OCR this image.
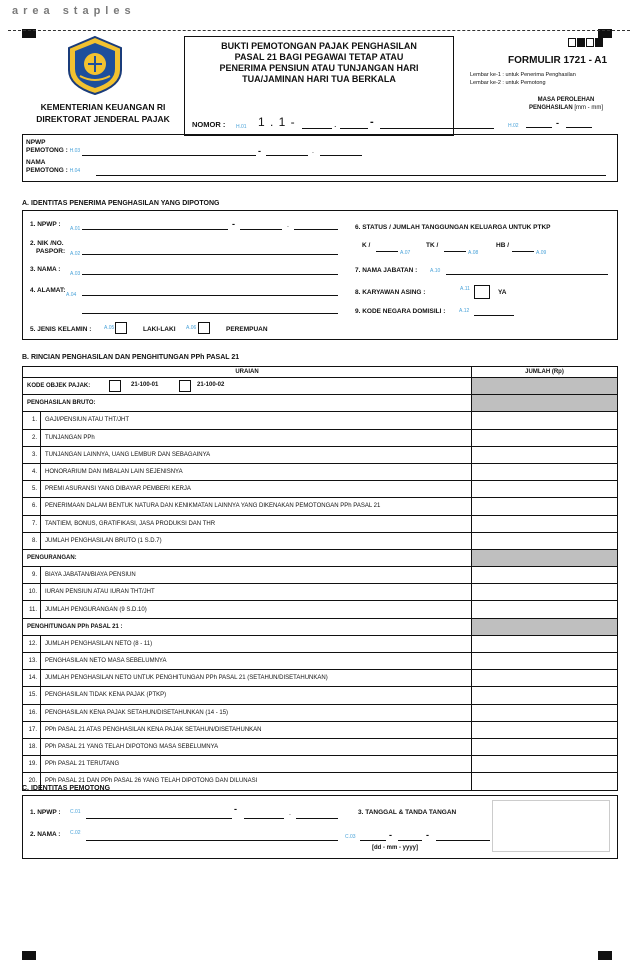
area staples
KEMENTERIAN KEUANGAN RI
DIREKTORAT JENDERAL PAJAK
BUKTI PEMOTONGAN PAJAK PENGHASILAN
PASAL 21 BAGI PEGAWAI TETAP ATAU
PENERIMA PENSIUN ATAU TUNJANGAN HARI
TUA/JAMINAN HARI TUA BERKALA
NOMOR : H.01 1 . 1 -	.	-
FORMULIR 1721 - A1
Lembar ke-1 : untuk Penerima Penghasilan
Lembar ke-2 : untuk Pemotong
MASA PEROLEHAN
PENGHASILAN [mm - mm]
H.02	-
NPWP
PEMOTONG : H.03	-	.
NAMA
PEMOTONG : H.04
A. IDENTITAS PENERIMA PENGHASILAN YANG DIPOTONG
1. NPWP :
A.01	-	.
2. NIK /NO.
PASPOR: A.02
3. NAMA :
A.03
4. ALAMAT:
A.04
5. JENIS KELAMIN :	A.05	LAKI-LAKI A.06	PEREMPUAN
6. STATUS / JUMLAH TANGGUNGAN KELUARGA UNTUK PTKP
K /
A.07
TK /
A.08
HB /
A.09
7. NAMA JABATAN :	A.10
8. KARYAWAN ASING :	A.11	YA
9. KODE NEGARA DOMISILI :	A.12
B. RINCIAN PENGHASILAN DAN PENGHITUNGAN PPh PASAL 21
URAIAN		JUMLAH (Rp)
KODE OBJEK PAJAK: 21-100-01 21-100-02		

PENGHASILAN BRUTO:		
1.	GAJI/PENSIUN ATAU THT/JHT	
2.	TUNJANGAN PPh	
3.	TUNJANGAN LAINNYA, UANG LEMBUR DAN SEBAGAINYA	
4.	HONORARIUM DAN IMBALAN LAIN SEJENISNYA	
5.	PREMI ASURANSI YANG DIBAYAR PEMBERI KERJA	
6.	PENERIMAAN DALAM BENTUK NATURA DAN KENIKMATAN LAINNYA YANG DIKENAKAN PEMOTONGAN PPh PASAL 21	
7.	TANTIEM, BONUS, GRATIFIKASI, JASA PRODUKSI DAN THR	
8.	JUMLAH PENGHASILAN BRUTO (1 S.D.7)	
PENGURANGAN:		
9.	BIAYA JABATAN/BIAYA PENSIUN	
10.	IURAN PENSIUN ATAU IURAN THT/JHT	
11.	JUMLAH PENGURANGAN (9 S.D.10)	
PENGHITUNGAN PPh PASAL 21 :		
12.	JUMLAH PENGHASILAN NETO (8 - 11)	
13.	PENGHASILAN NETO MASA SEBELUMNYA	
14.	JUMLAH PENGHASILAN NETO UNTUK PENGHITUNGAN PPh PASAL 21 (SETAHUN/DISETAHUNKAN)	
15.	PENGHASILAN TIDAK KENA PAJAK (PTKP)	
16.	PENGHASILAN KENA PAJAK SETAHUN/DISETAHUNKAN (14 - 15)	
17.	PPh PASAL 21 ATAS PENGHASILAN KENA PAJAK SETAHUN/DISETAHUNKAN	
18.	PPh PASAL 21 YANG TELAH DIPOTONG MASA SEBELUMNYA	
19.	PPh PASAL 21 TERUTANG	
20.	PPh PASAL 21 DAN PPh PASAL 26 YANG TELAH DIPOTONG DAN DILUNASI	
C. IDENTITAS PEMOTONG
1. NPWP : C.01	-	.
2. NAMA : C.02
3. TANGGAL & TANDA TANGAN
C.03	-	-
[dd - mm - yyyy]
